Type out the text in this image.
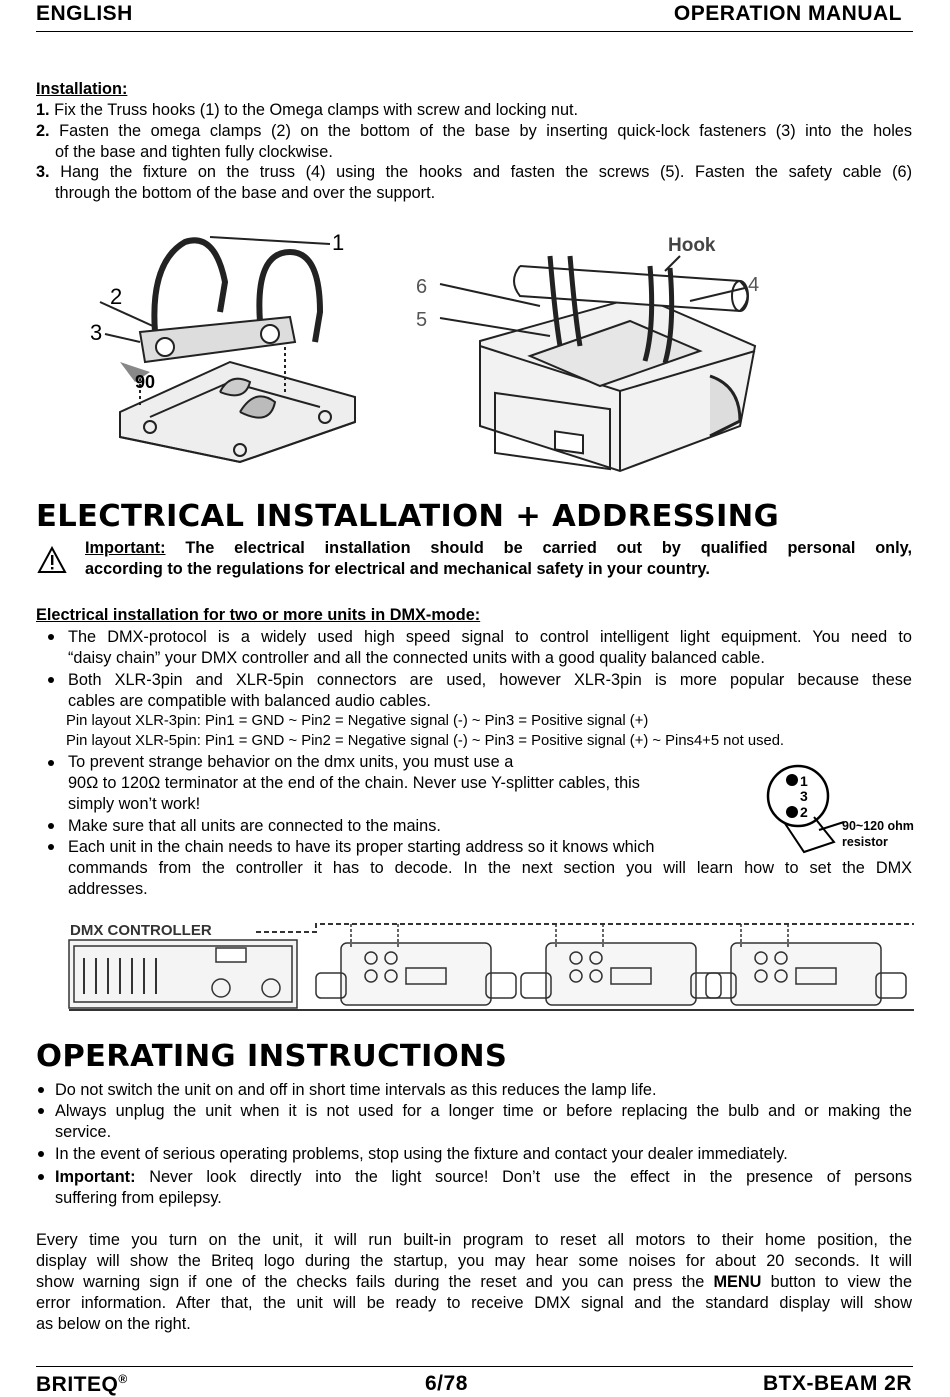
ENGLISH	OPERATION MANUAL
Installation:
1. Fix the Truss hooks (1) to the Omega clamps with screw and locking nut.
2. Fasten the omega clamps (2) on the bottom of the base by inserting quick-lock fasteners (3) into the holes
of the base and tighten fully clockwise.
3. Hang the fixture on the truss (4) using the hooks and fasten the screws (5). Fasten the safety cable (6)
through the bottom of the base and over the support.
1
2
3
90
Hook
4
6
5
ELECTRICAL INSTALLATION + ADDRESSING
Important: The electrical installation should be carried out by qualified personal only,
according to the regulations for electrical and mechanical safety in your country.
Electrical installation for two or more units in DMX-mode:
The DMX-protocol is a widely used high speed signal to control intelligent light equipment. You need to
“daisy chain” your DMX controller and all the connected units with a good quality balanced cable.
Both XLR-3pin and XLR-5pin connectors are used, however XLR-3pin is more popular because these
cables are compatible with balanced audio cables.
Pin layout XLR-3pin: Pin1 = GND ~ Pin2 = Negative signal (-) ~ Pin3 = Positive signal (+)
Pin layout XLR-5pin: Pin1 = GND ~ Pin2 = Negative signal (-) ~ Pin3 = Positive signal (+) ~ Pins4+5 not used.
To prevent strange behavior on the dmx units, you must use a
90Ω to 120Ω terminator at the end of the chain. Never use Y-splitter cables, this
simply won’t work!
Make sure that all units are connected to the mains.
Each unit in the chain needs to have its proper starting address so it knows which
commands from the controller it has to decode. In the next section you will learn how to set the DMX
addresses.
1
3
2
90~120 ohm
resistor
DMX CONTROLLER
OPERATING INSTRUCTIONS
Do not switch the unit on and off in short time intervals as this reduces the lamp life.
Always unplug the unit when it is not used for a longer time or before replacing the bulb and or making the
service.
In the event of serious operating problems, stop using the fixture and contact your dealer immediately.
Important: Never look directly into the light source! Don’t use the effect in the presence of persons
suffering from epilepsy.
Every time you turn on the unit, it will run built-in program to reset all motors to their home position, the
display will show the Briteq logo during the startup, you may hear some noises for about 20 seconds. It will
show warning sign if one of the checks fails during the reset and you can press the MENU button to view the
error information. After that, the unit will be ready to receive DMX signal and the standard display will show
as below on the right.
BRITEQ®	6/78	BTX-BEAM 2R
